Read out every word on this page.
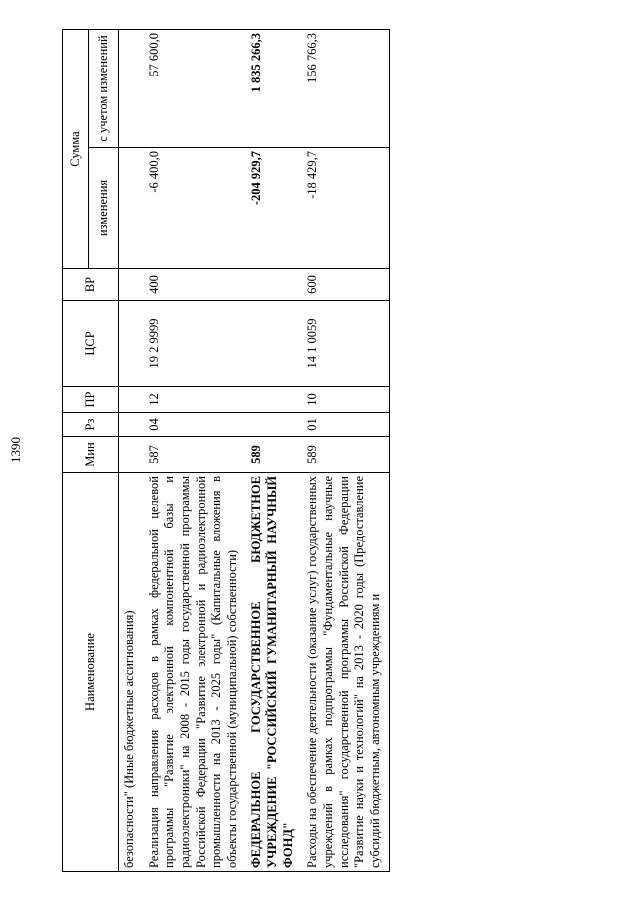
1390
Наименование	Мин	Рз	ПР	ЦСР	ВР	Сумма	
						изменения	с учетом изменений
безопасности" (Иные бюджетные ассигнования)							
Реализация направления расходов в рамках федеральной целевой программы "Развитие электронной компонентной базы и радиоэлектроники" на 2008 - 2015 годы государственной программы Российской Федерации "Развитие электронной и радиоэлектронной промышленности на 2013 - 2025 годы" (Капитальные вложения в объекты государственной (муниципальной) собственности)	587	04	12	19 2 9999	400	-6 400,0	57 600,0
ФЕДЕРАЛЬНОЕ ГОСУДАРСТВЕННОЕ БЮДЖЕТНОЕ УЧРЕЖДЕНИЕ "РОССИЙСКИЙ ГУМАНИТАРНЫЙ НАУЧНЫЙ ФОНД"	589					-204 929,7	1 835 266,3
Расходы на обеспечение деятельности (оказание услуг) государственных учреждений в рамках подпрограммы "Фундаментальные научные исследования" государственной программы Российской Федерации "Развитие науки и технологий" на 2013 - 2020 годы (Предоставление субсидий бюджетным, автономным учреждениям и	589	01	10	14 1 0059	600	-18 429,7	156 766,3
